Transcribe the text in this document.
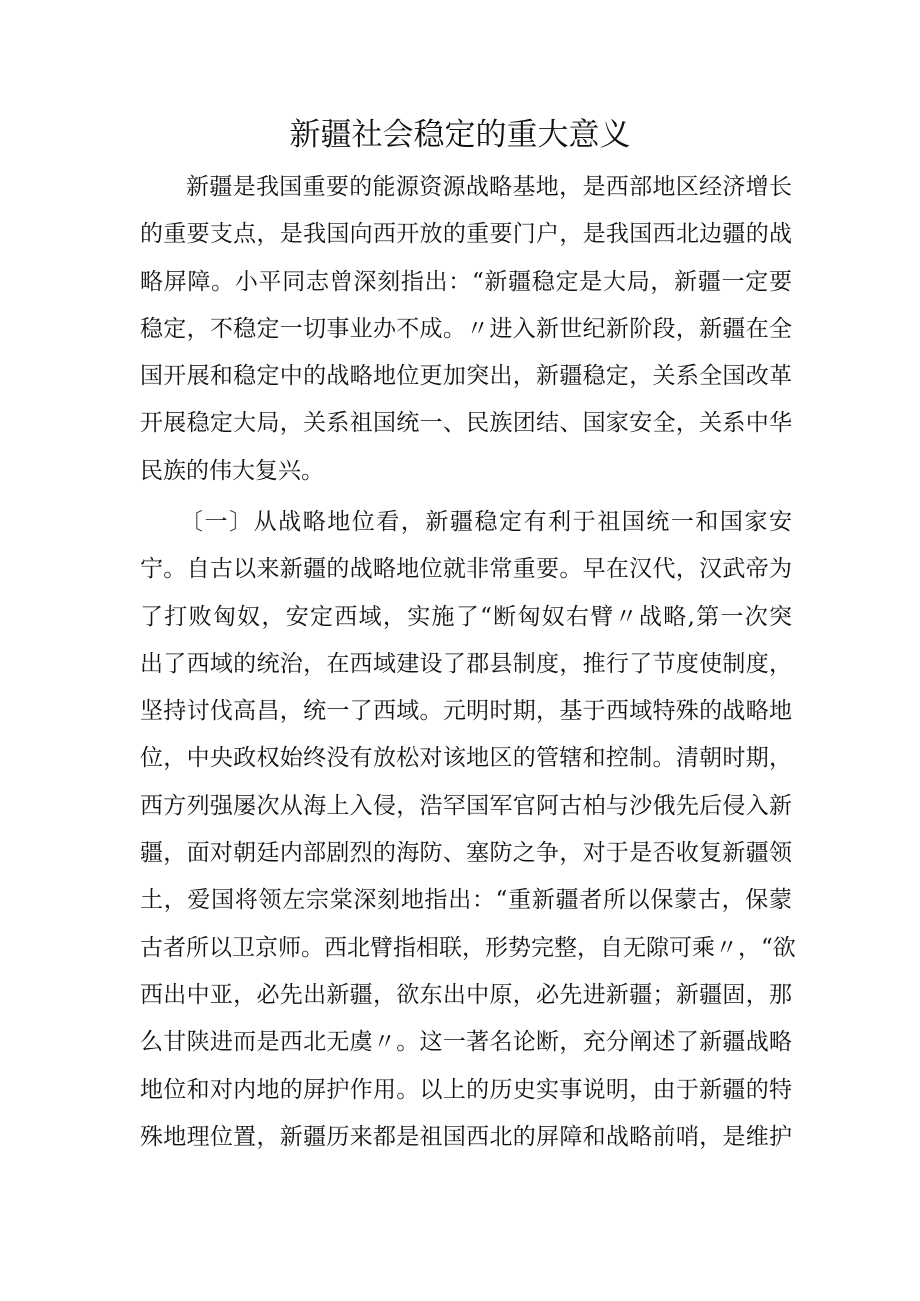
新疆社会稳定的重大意义
新疆是我国重要的能源资源战略基地，是西部地区经济增长
的重要支点，是我国向西开放的重要门户，是我国西北边疆的战
略屏障。小平同志曾深刻指出：“新疆稳定是大局，新疆一定要
稳定，不稳定一切事业办不成。〃进入新世纪新阶段，新疆在全
国开展和稳定中的战略地位更加突出，新疆稳定，关系全国改革
开展稳定大局，关系祖国统一、民族团结、国家安全，关系中华
民族的伟大复兴。
〔一〕从战略地位看，新疆稳定有利于祖国统一和国家安
宁。自古以来新疆的战略地位就非常重要。早在汉代，汉武帝为
了打败匈奴，安定西域，实施了“断匈奴右臂〃战略,第一次突
出了西域的统治，在西域建设了郡县制度，推行了节度使制度，
坚持讨伐高昌，统一了西域。元明时期，基于西域特殊的战略地
位，中央政权始终没有放松对该地区的管辖和控制。清朝时期，
西方列强屡次从海上入侵，浩罕国军官阿古柏与沙俄先后侵入新
疆，面对朝廷内部剧烈的海防、塞防之争，对于是否收复新疆领
土，爱国将领左宗棠深刻地指出：“重新疆者所以保蒙古，保蒙
古者所以卫京师。西北臂指相联，形势完整，自无隙可乘〃，“欲
西出中亚，必先出新疆，欲东出中原，必先进新疆；新疆固，那
么甘陕进而是西北无虞〃。这一著名论断，充分阐述了新疆战略
地位和对内地的屏护作用。以上的历史实事说明，由于新疆的特
殊地理位置，新疆历来都是祖国西北的屏障和战略前哨，是维护
